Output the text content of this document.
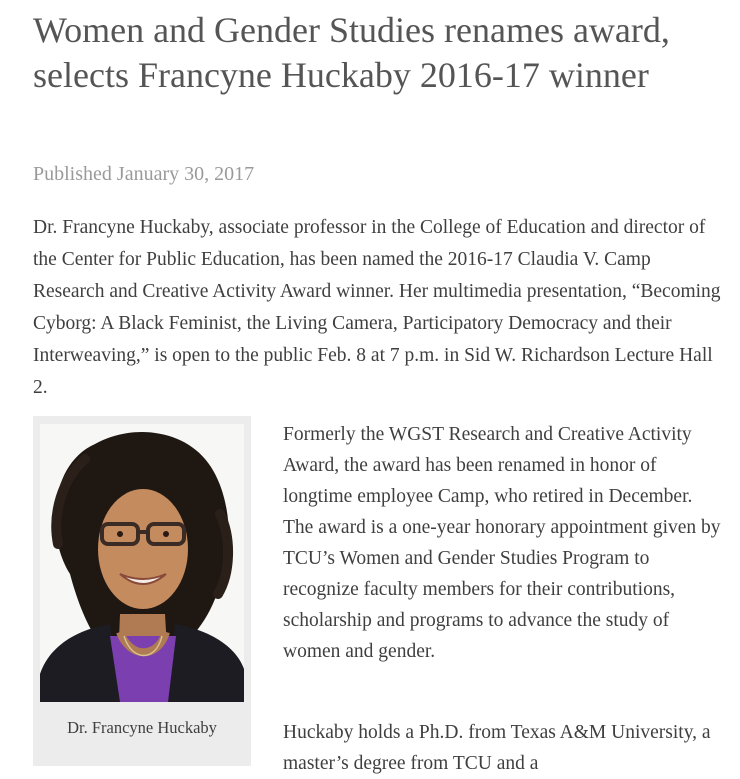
Women and Gender Studies renames award, selects Francyne Huckaby 2016-17 winner

Published January 30, 2017

Dr. Francyne Huckaby, associate professor in the College of Education and director of the Center for Public Education, has been named the 2016-17 Claudia V. Camp Research and Creative Activity Award winner. Her multimedia presentation, “Becoming Cyborg: A Black Feminist, the Living Camera, Participatory Democracy and their Interweaving,” is open to the public Feb. 8 at 7 p.m. in Sid W. Richardson Lecture Hall 2.

Dr. Francyne Huckaby

Formerly the WGST Research and Creative Activity Award, the award has been renamed in honor of longtime employee Camp, who retired in December. The award is a one-year honorary appointment given by TCU’s Women and Gender Studies Program to recognize faculty members for their contributions, scholarship and programs to advance the study of women and gender.

Huckaby holds a Ph.D. from Texas A&M University, a master’s degree from TCU and a
